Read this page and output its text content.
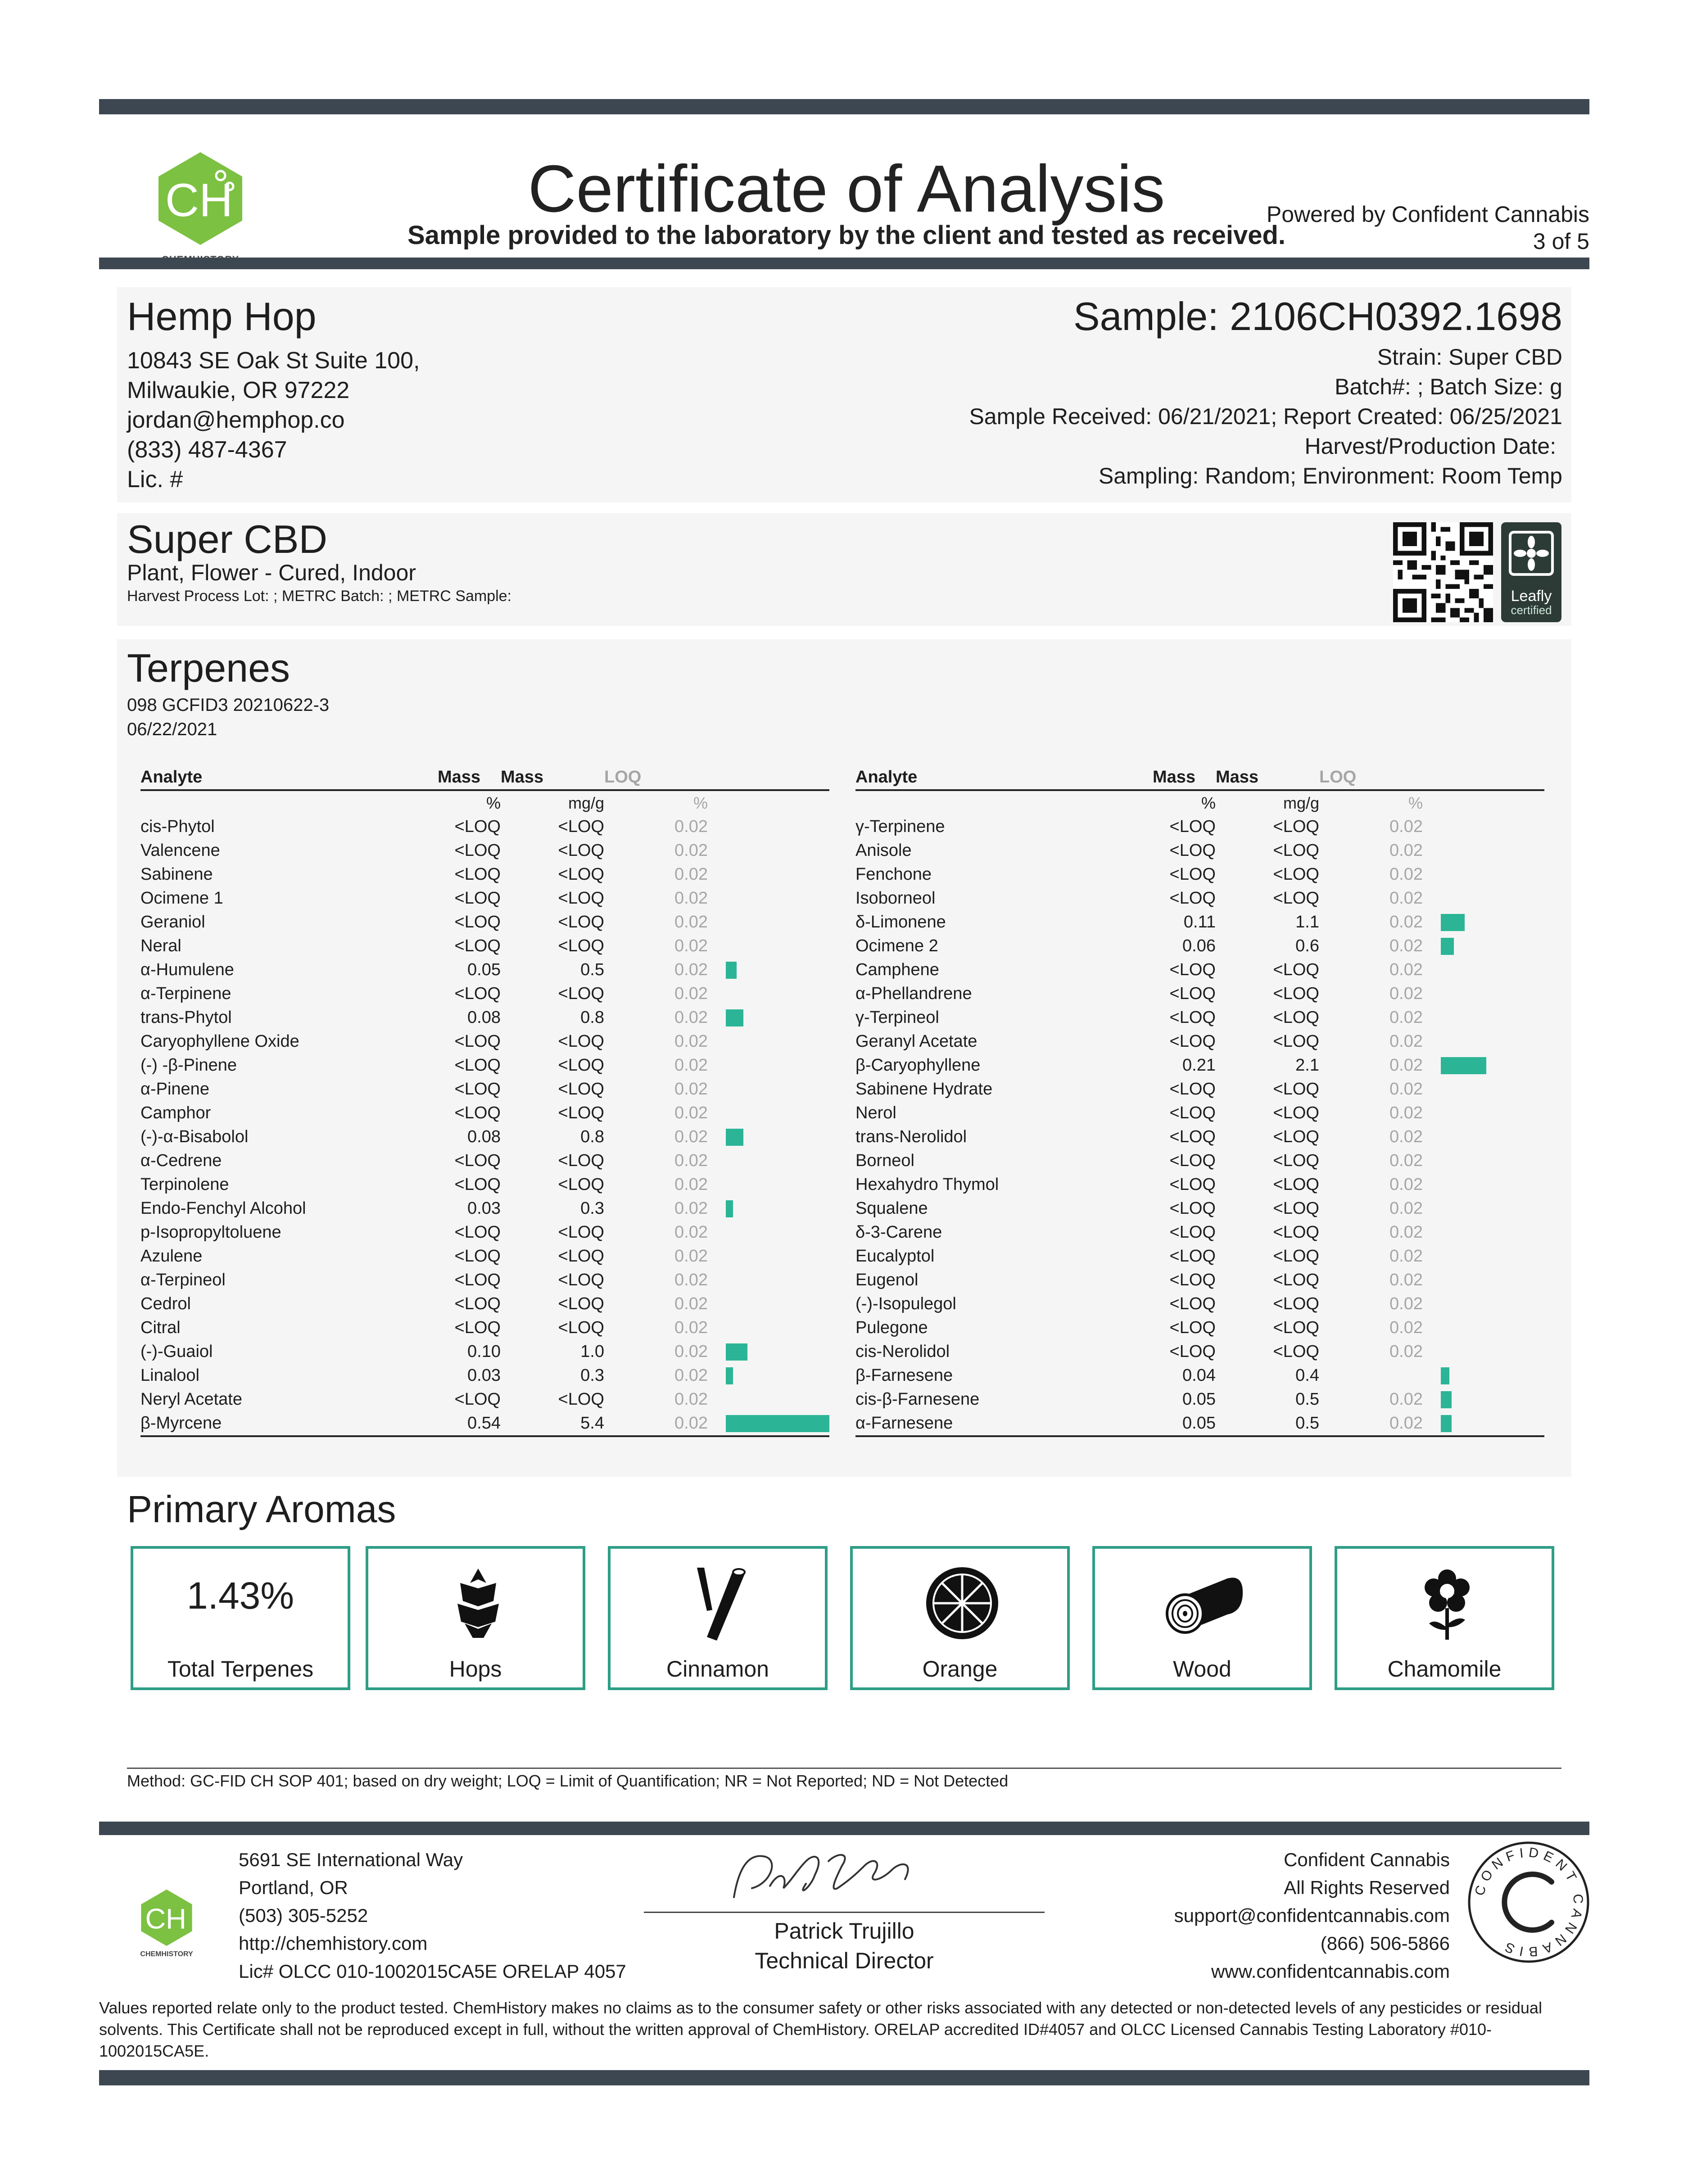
CH	Certificate of Analysis
Sample provided to the laboratory by the client and tested as received.
Powered by Confident Cannabis
3 of 5
Hemp Hop
10843 SE Oak St Suite 100,
Milwaukie, OR 97222
jordan@hemphop.co
(833) 487-4367
Lic. #
Sample: 2106CH0392.1698
Strain: Super CBD
Batch#: ; Batch Size: g
Sample Received: 06/21/2021; Report Created: 06/25/2021
Harvest/Production Date:
Sampling: Random; Environment: Room Temp
Super CBD
Plant, Flower - Cured, Indoor
Harvest Process Lot: ; METRC Batch: ; METRC Sample:	Leafly
certified
Terpenes
098 GCFID3 20210622-3
06/22/2021
Analyte	Mass	Mass	LOQ	
	%	mg/g	%	
cis-Phytol	<LOQ	<LOQ	0.02	
Valencene	<LOQ	<LOQ	0.02	
Sabinene	<LOQ	<LOQ	0.02	
Ocimene 1	<LOQ	<LOQ	0.02	
Geraniol	<LOQ	<LOQ	0.02	
Neral	<LOQ	<LOQ	0.02	
α-Humulene	0.05	0.5	0.02	

α-Terpinene	<LOQ	<LOQ	0.02	
trans-Phytol	0.08	0.8	0.02	

Caryophyllene Oxide	<LOQ	<LOQ	0.02	
(-) -β-Pinene	<LOQ	<LOQ	0.02	
α-Pinene	<LOQ	<LOQ	0.02	
Camphor	<LOQ	<LOQ	0.02	
(-)-α-Bisabolol	0.08	0.8	0.02	

α-Cedrene	<LOQ	<LOQ	0.02	
Terpinolene	<LOQ	<LOQ	0.02	
Endo-Fenchyl Alcohol	0.03	0.3	0.02	

p-Isopropyltoluene	<LOQ	<LOQ	0.02	
Azulene	<LOQ	<LOQ	0.02	
α-Terpineol	<LOQ	<LOQ	0.02	
Cedrol	<LOQ	<LOQ	0.02	
Citral	<LOQ	<LOQ	0.02	
(-)-Guaiol	0.10	1.0	0.02	

Linalool	0.03	0.3	0.02	

Neryl Acetate	<LOQ	<LOQ	0.02	
β-Myrcene	0.54	5.4	0.02	
Analyte	Mass	Mass	LOQ	
	%	mg/g	%	
γ-Terpinene	<LOQ	<LOQ	0.02	
Anisole	<LOQ	<LOQ	0.02	
Fenchone	<LOQ	<LOQ	0.02	
Isoborneol	<LOQ	<LOQ	0.02	
δ-Limonene	0.11	1.1	0.02	

Ocimene 2	0.06	0.6	0.02	

Camphene	<LOQ	<LOQ	0.02	
α-Phellandrene	<LOQ	<LOQ	0.02	
γ-Terpineol	<LOQ	<LOQ	0.02	
Geranyl Acetate	<LOQ	<LOQ	0.02	
β-Caryophyllene	0.21	2.1	0.02	

Sabinene Hydrate	<LOQ	<LOQ	0.02	
Nerol	<LOQ	<LOQ	0.02	
trans-Nerolidol	<LOQ	<LOQ	0.02	
Borneol	<LOQ	<LOQ	0.02	
Hexahydro Thymol	<LOQ	<LOQ	0.02	
Squalene	<LOQ	<LOQ	0.02	
δ-3-Carene	<LOQ	<LOQ	0.02	
Eucalyptol	<LOQ	<LOQ	0.02	
Eugenol	<LOQ	<LOQ	0.02	
(-)-Isopulegol	<LOQ	<LOQ	0.02	
Pulegone	<LOQ	<LOQ	0.02	
cis-Nerolidol	<LOQ	<LOQ	0.02	
β-Farnesene	0.04	0.4		

cis-β-Farnesene	0.05	0.5	0.02	

α-Farnesene	0.05	0.5	0.02	
Primary Aromas
1.43%
Total Terpenes	Hops	Cinnamon	Orange	Wood	Chamomile
Method: GC-FID CH SOP 401; based on dry weight; LOQ = Limit of Quantification; NR = Not Reported; ND = Not Detected
CH
CHEMHISTORY
5691 SE International Way
Portland, OR
(503) 305-5252
http://chemhistory.com
Lic# OLCC 010-1002015CA5E ORELAP 4057
Patrick Trujillo
Technical Director
Confident Cannabis
All Rights Reserved
support@confidentcannabis.com
(866) 506-5866
www.confidentcannabis.com
CONFIDENT CANNABIS
Values reported relate only to the product tested. ChemHistory makes no claims as to the consumer safety or other risks associated with any detected or non-detected levels of any pesticides or residual solvents. This Certificate shall not be reproduced except in full, without the written approval of ChemHistory. ORELAP accredited ID#4057 and OLCC Licensed Cannabis Testing Laboratory #010-1002015CA5E.
